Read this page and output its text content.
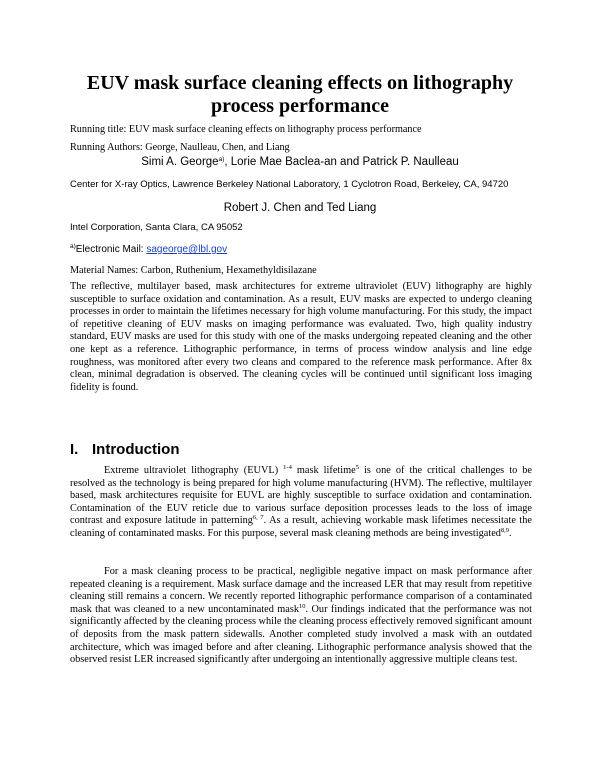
EUV mask surface cleaning effects on lithography process performance
Running title: EUV mask surface cleaning effects on lithography process performance
Running Authors: George, Naulleau, Chen, and Liang
Simi A. George$^{a)}$, Lorie Mae Baclea-an and Patrick P. Naulleau
Center for X-ray Optics, Lawrence Berkeley National Laboratory, 1 Cyclotron Road, Berkeley, CA, 94720
Robert J. Chen and Ted Liang
Intel Corporation, Santa Clara, CA 95052
$^{a)}$Electronic Mail: sageorge@lbl.gov
Material Names: Carbon, Ruthenium, Hexamethyldisilazane
The reflective, multilayer based, mask architectures for extreme ultraviolet (EUV) lithography are highly susceptible to surface oxidation and contamination. As a result, EUV masks are expected to undergo cleaning processes in order to maintain the lifetimes necessary for high volume manufacturing. For this study, the impact of repetitive cleaning of EUV masks on imaging performance was evaluated. Two, high quality industry standard, EUV masks are used for this study with one of the masks undergoing repeated cleaning and the other one kept as a reference. Lithographic performance, in terms of process window analysis and line edge roughness, was monitored after every two cleans and compared to the reference mask performance. After 8x clean, minimal degradation is observed. The cleaning cycles will be continued until significant loss imaging fidelity is found.
I. Introduction
Extreme ultraviolet lithography (EUVL) $^{1-4}$ mask lifetime$^5$ is one of the critical challenges to be resolved as the technology is being prepared for high volume manufacturing (HVM). The reflective, multilayer based, mask architectures requisite for EUVL are highly susceptible to surface oxidation and contamination. Contamination of the EUV reticle due to various surface deposition processes leads to the loss of image contrast and exposure latitude in patterning$^{6, 7}$. As a result, achieving workable mask lifetimes necessitate the cleaning of contaminated masks. For this purpose, several mask cleaning methods are being investigated$^{8,9}$.
For a mask cleaning process to be practical, negligible negative impact on mask performance after repeated cleaning is a requirement. Mask surface damage and the increased LER that may result from repetitive cleaning still remains a concern. We recently reported lithographic performance comparison of a contaminated mask that was cleaned to a new uncontaminated mask$^{10}$. Our findings indicated that the performance was not significantly affected by the cleaning process while the cleaning process effectively removed significant amount of deposits from the mask pattern sidewalls. Another completed study involved a mask with an outdated architecture, which was imaged before and after cleaning. Lithographic performance analysis showed that the observed resist LER increased significantly after undergoing an intentionally aggressive multiple cleans test.
